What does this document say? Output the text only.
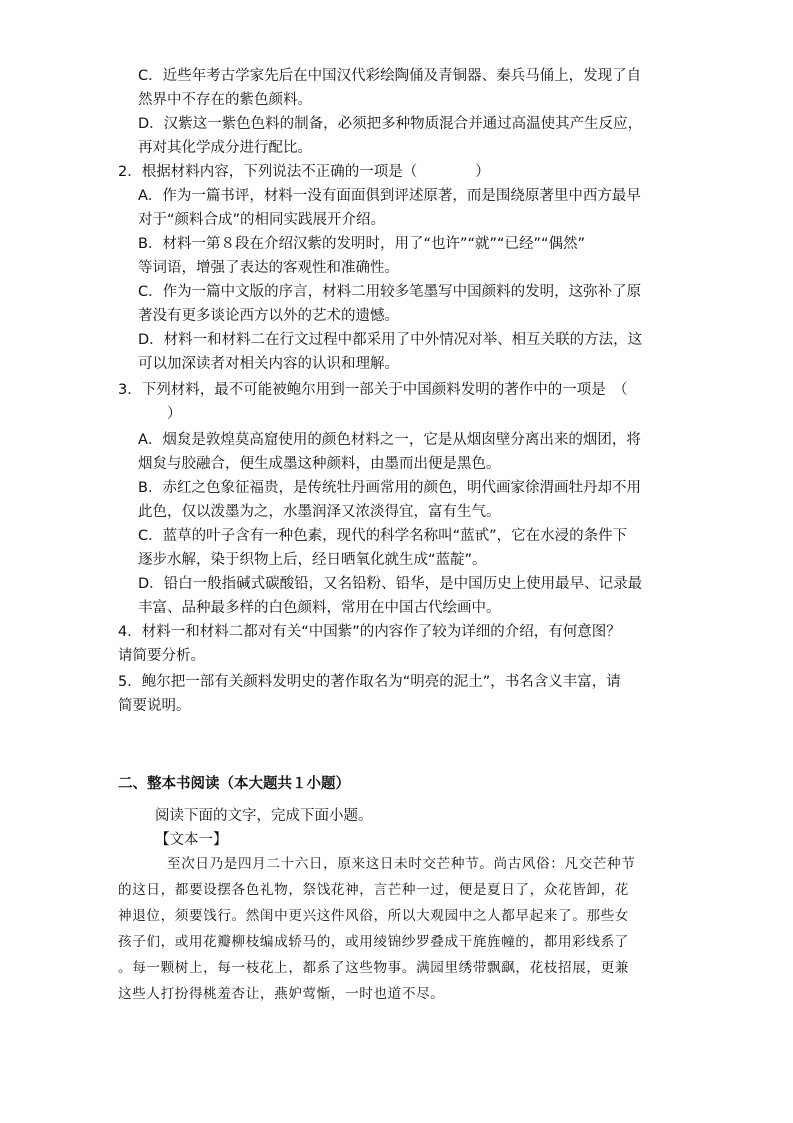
C．近些年考古学家先后在中国汉代彩绘陶俑及青铜器、秦兵马俑上，发现了自
然界中不存在的紫色颜料。
D．汉紫这一紫色色料的制备，必须把多种物质混合并通过高温使其产生反应，
再对其化学成分进行配比。
2．根据材料内容，下列说法不正确的一项是（　　　　）
A．作为一篇书评，材料一没有面面俱到评述原著，而是围绕原著里中西方最早
对于“颜料合成”的相同实践展开介绍。
B．材料一第８段在介绍汉紫的发明时，用了“也许”“就”“已经”“偶然”
等词语，增强了表达的客观性和准确性。
C．作为一篇中文版的序言，材料二用较多笔墨写中国颜料的发明，这弥补了原
著没有更多谈论西方以外的艺术的遗憾。
D．材料一和材料二在行文过程中都采用了中外情况对举、相互关联的方法，这
可以加深读者对相关内容的认识和理解。
3．下列材料，最不可能被鲍尔用到一部关于中国颜料发明的著作中的一项是　（
　　）
A．烟炱是敦煌莫高窟使用的颜色材料之一，它是从烟囱壁分离出来的烟团，将
烟炱与胶融合，便生成墨这种颜料，由墨而出便是黑色。
B．赤红之色象征福贵，是传统牡丹画常用的颜色，明代画家徐渭画牡丹却不用
此色，仅以泼墨为之，水墨润泽又浓淡得宜，富有生气。
C．蓝草的叶子含有一种色素，现代的科学名称叫“蓝甙”，它在水浸的条件下
逐步水解，染于织物上后，经日晒氧化就生成“蓝靛”。
D．铅白一般指碱式碳酸铅，又名铅粉、铅华，是中国历史上使用最早、记录最
丰富、品种最多样的白色颜料，常用在中国古代绘画中。
4．材料一和材料二都对有关“中国紫”的内容作了较为详细的介绍，有何意图？
请简要分析。
5．鲍尔把一部有关颜料发明史的著作取名为“明亮的泥土”，书名含义丰富，请
简要说明。
二、整本书阅读（本大题共１小题）
阅读下面的文字，完成下面小题。
【文本一】
至次日乃是四月二十六日，原来这日未时交芒种节。尚古风俗：凡交芒种节
的这日，都要设摆各色礼物，祭饯花神，言芒种一过，便是夏日了，众花皆卸，花
神退位，须要饯行。然闺中更兴这件风俗，所以大观园中之人都早起来了。那些女
孩子们，或用花瓣柳枝编成轿马的，或用绫锦纱罗叠成干旄旌幢的，都用彩线系了
。每一颗树上，每一枝花上，都系了这些物事。满园里绣带飘飖，花枝招展，更兼
这些人打扮得桃羞杏让，燕妒莺惭，一时也道不尽。
